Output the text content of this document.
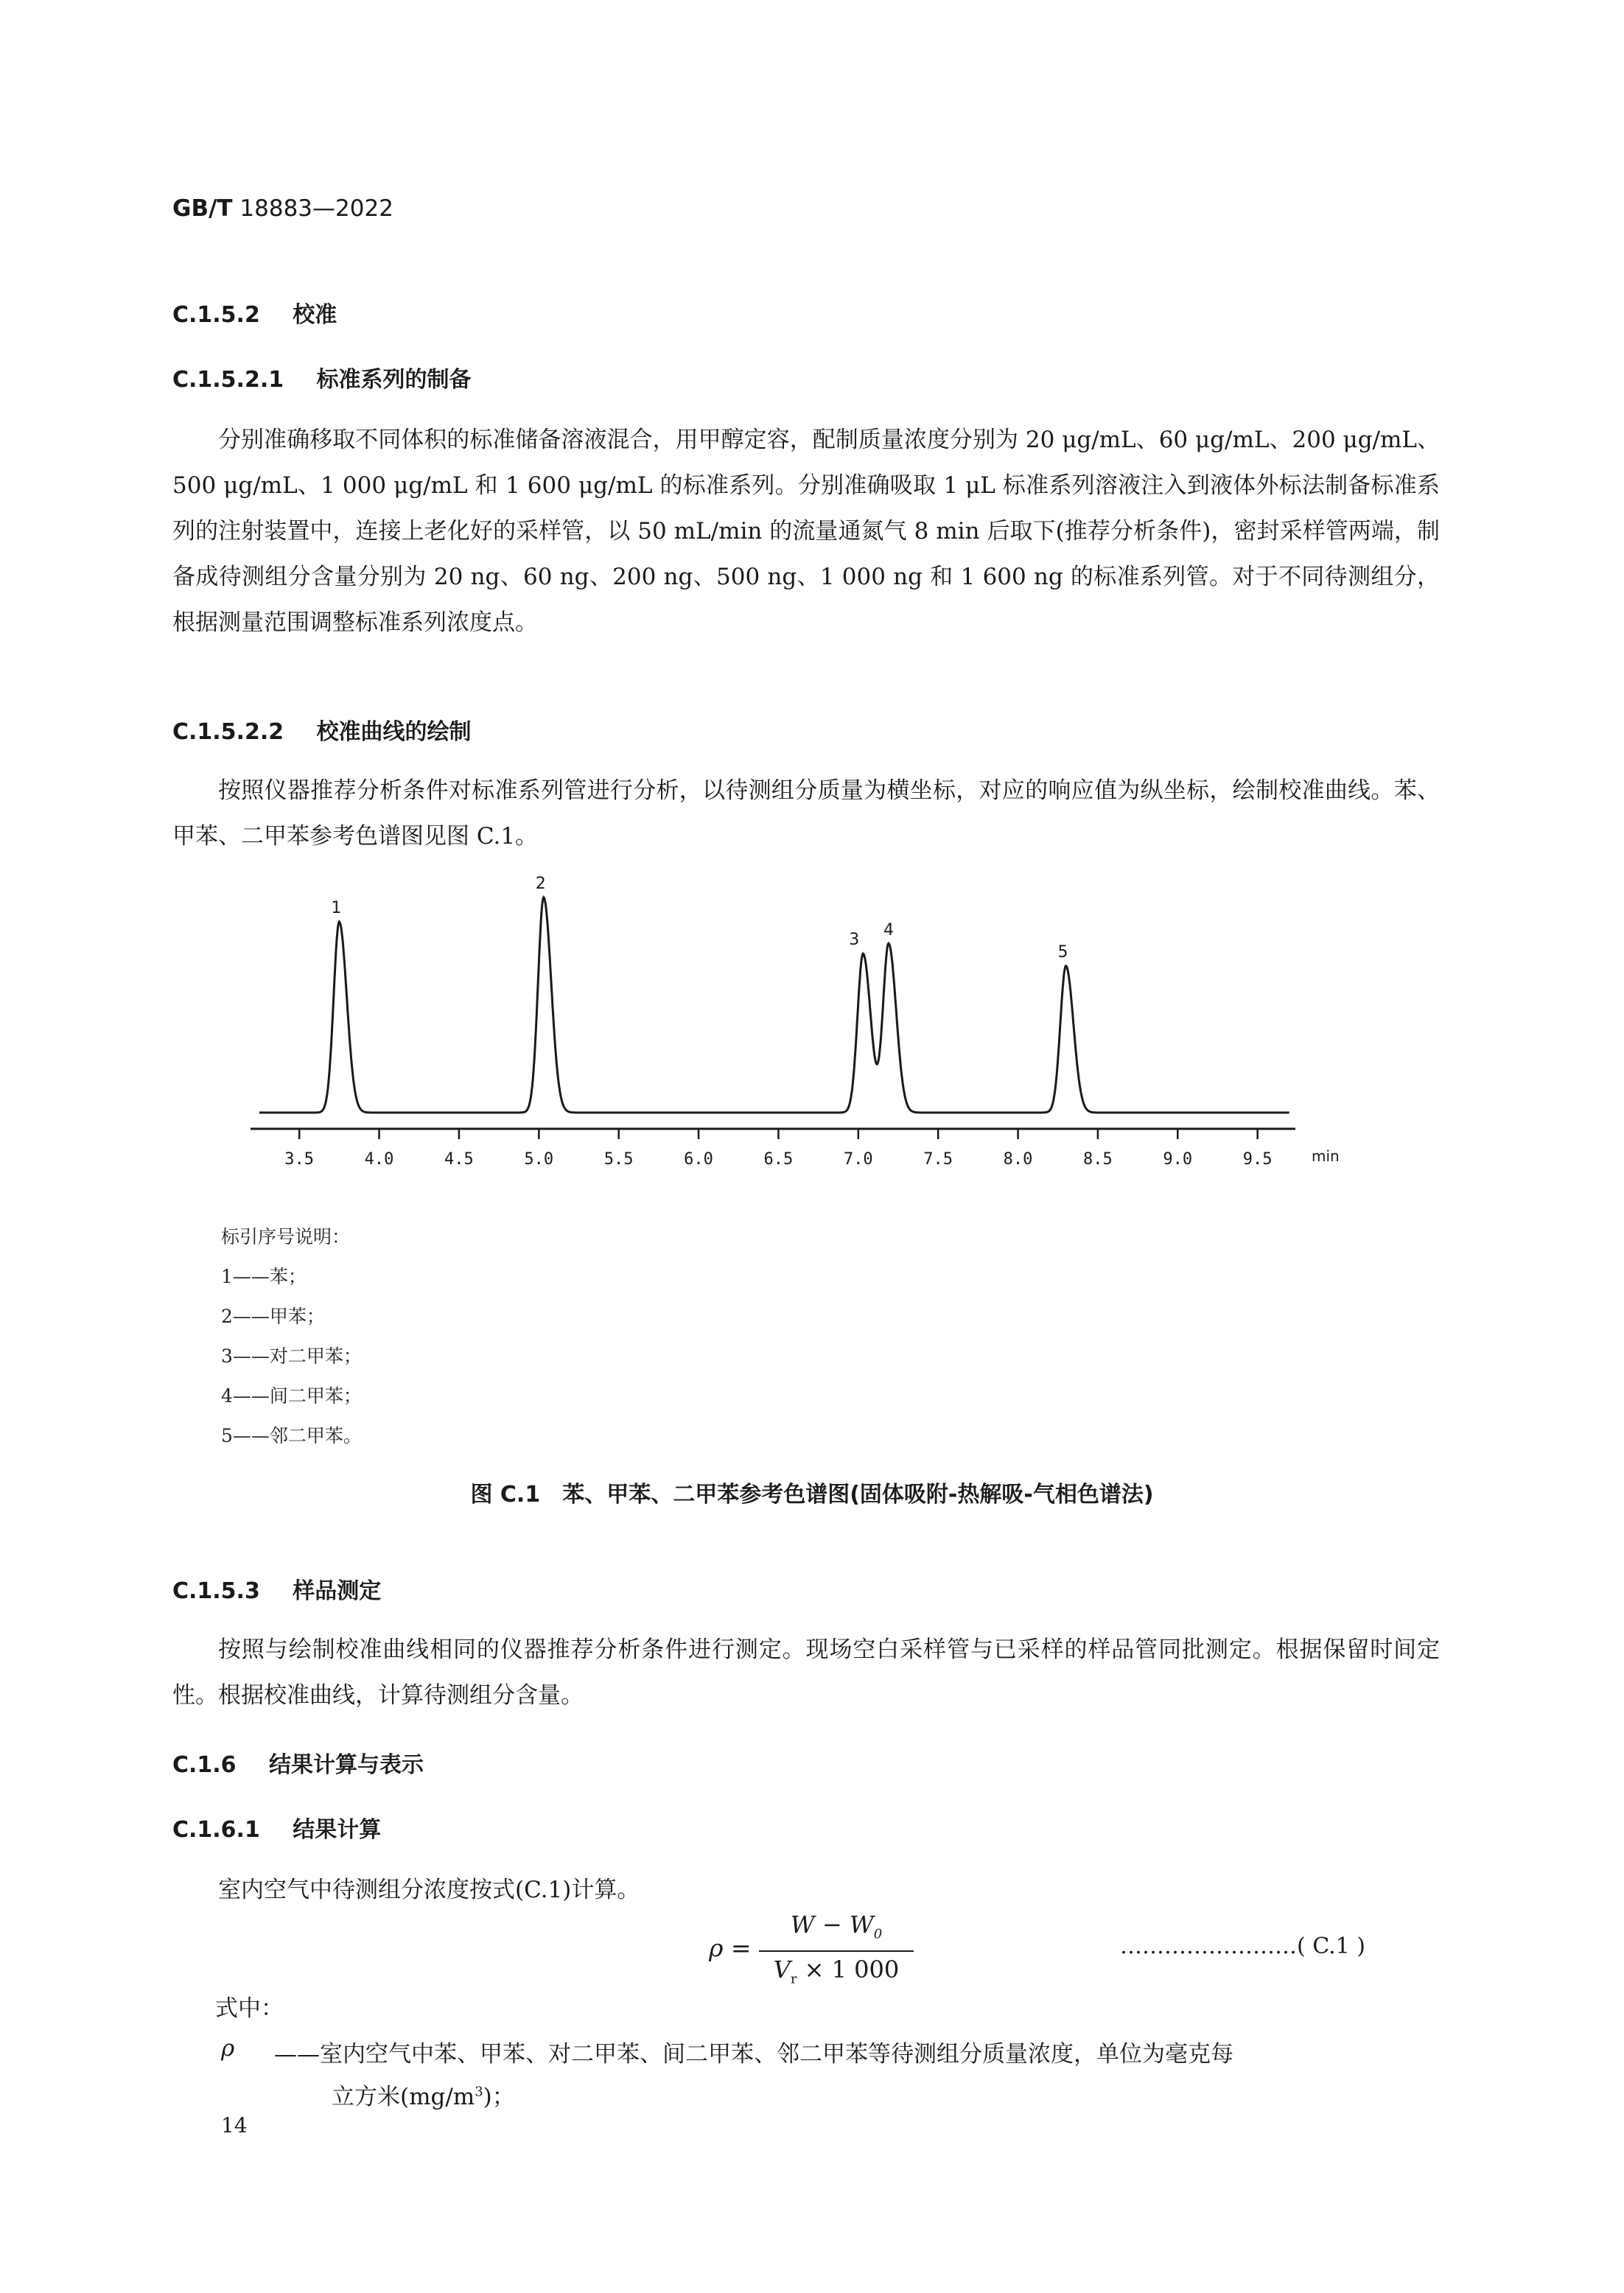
GB/T 18883—2022
C.1.5.2 校准
C.1.5.2.1 标准系列的制备
分别准确移取不同体积的标准储备溶液混合，用甲醇定容，配制质量浓度分别为 20 μg/mL、60 μg/mL、200 μg/mL、500 μg/mL、1 000 μg/mL 和 1 600 μg/mL 的标准系列。分别准确吸取 1 μL 标准系列溶液注入到液体外标法制备标准系列的注射装置中，连接上老化好的采样管，以 50 mL/min 的流量通氮气 8 min 后取下(推荐分析条件)，密封采样管两端，制备成待测组分含量分别为 20 ng、60 ng、200 ng、500 ng、1 000 ng 和 1 600 ng 的标准系列管。对于不同待测组分，根据测量范围调整标准系列浓度点。
C.1.5.2.2 校准曲线的绘制
按照仪器推荐分析条件对标准系列管进行分析，以待测组分质量为横坐标，对应的响应值为纵坐标，绘制校准曲线。苯、甲苯、二甲苯参考色谱图见图 C.1。
1
2
3
4
5
3.5	4.0	4.5	5.0	5.5	6.0	6.5	7.0	7.5	8.0	8.5	9.0	9.5	min
标引序号说明：
1——苯；
2——甲苯；
3——对二甲苯；
4——间二甲苯；
5——邻二甲苯。
图 C.1　苯、甲苯、二甲苯参考色谱图(固体吸附-热解吸-气相色谱法)
C.1.5.3 样品测定
按照与绘制校准曲线相同的仪器推荐分析条件进行测定。现场空白采样管与已采样的样品管同批测定。根据保留时间定性。根据校准曲线，计算待测组分含量。
C.1.6 结果计算与表示
C.1.6.1 结果计算
室内空气中待测组分浓度按式(C.1)计算。
$\rho = \frac{W - W_0}{V_r \times 1 000}$	……………………( C.1 )
式中：
ρ ——室内空气中苯、甲苯、对二甲苯、间二甲苯、邻二甲苯等待测组分质量浓度，单位为毫克每
立方米$(mg/m^3)$；
14
